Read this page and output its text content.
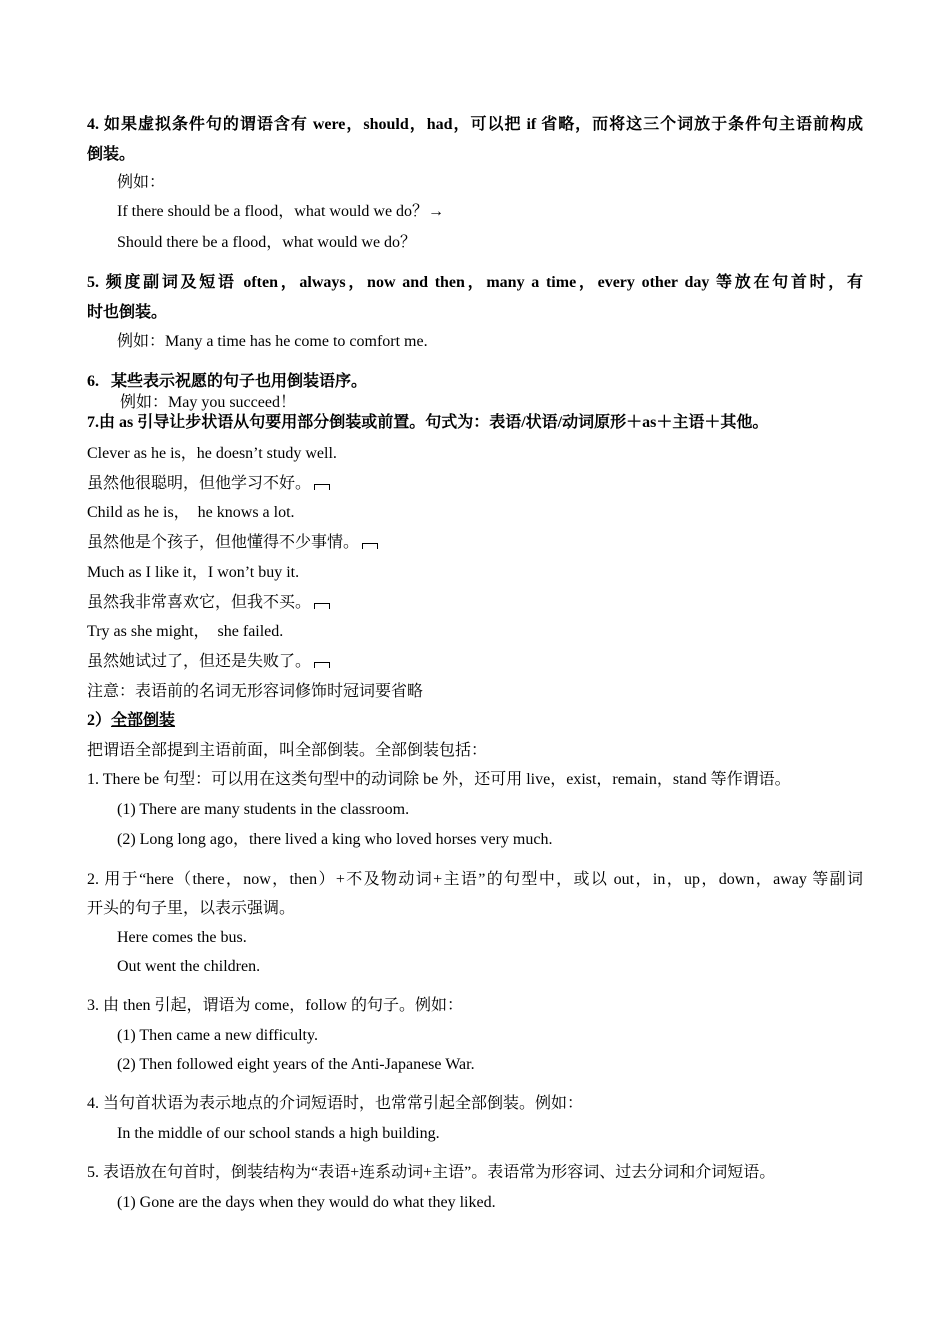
4. 如果虚拟条件句的谓语含有 were，should，had，可以把 if 省略，而将这三个词放于条件句主语前构成
倒装。
例如：
If there should be a flood，what would we do？→
Should there be a flood，what would we do？
5. 频度副词及短语 often，always，now and then，many a time，every other day 等放在句首时，有
时也倒装。
例如：Many a time has he come to comfort me.
6.   某些表示祝愿的句子也用倒装语序。
例如：May you succeed！
7.由 as 引导让步状语从句要用部分倒装或前置。句式为：表语/状语/动词原形＋as＋主语＋其他。
Clever as he is，he doesn’t study well.
虽然他很聪明，但他学习不好。
Child as he is，  he knows a lot.
虽然他是个孩子，但他懂得不少事情。
Much as I like it，I won’t buy it.
虽然我非常喜欢它，但我不买。
Try as she might，  she failed.
虽然她试过了，但还是失败了。
注意：表语前的名词无形容词修饰时冠词要省略
2）全部倒装
把谓语全部提到主语前面，叫全部倒装。全部倒装包括：
1. There be 句型：可以用在这类句型中的动词除 be 外，还可用 live，exist，remain，stand 等作谓语。
(1) There are many students in the classroom.
(2) Long long ago，there lived a king who loved horses very much.
2. 用于“here（there，now，then）+不及物动词+主语”的句型中，或以 out，in，up，down，away 等副词
开头的句子里，以表示强调。
Here comes the bus.
Out went the children.
3. 由 then 引起，谓语为 come，follow 的句子。例如：
(1) Then came a new difficulty.
(2) Then followed eight years of the Anti-Japanese War.
4. 当句首状语为表示地点的介词短语时，也常常引起全部倒装。例如：
In the middle of our school stands a high building.
5. 表语放在句首时，倒装结构为“表语+连系动词+主语”。表语常为形容词、过去分词和介词短语。
(1) Gone are the days when they would do what they liked.
